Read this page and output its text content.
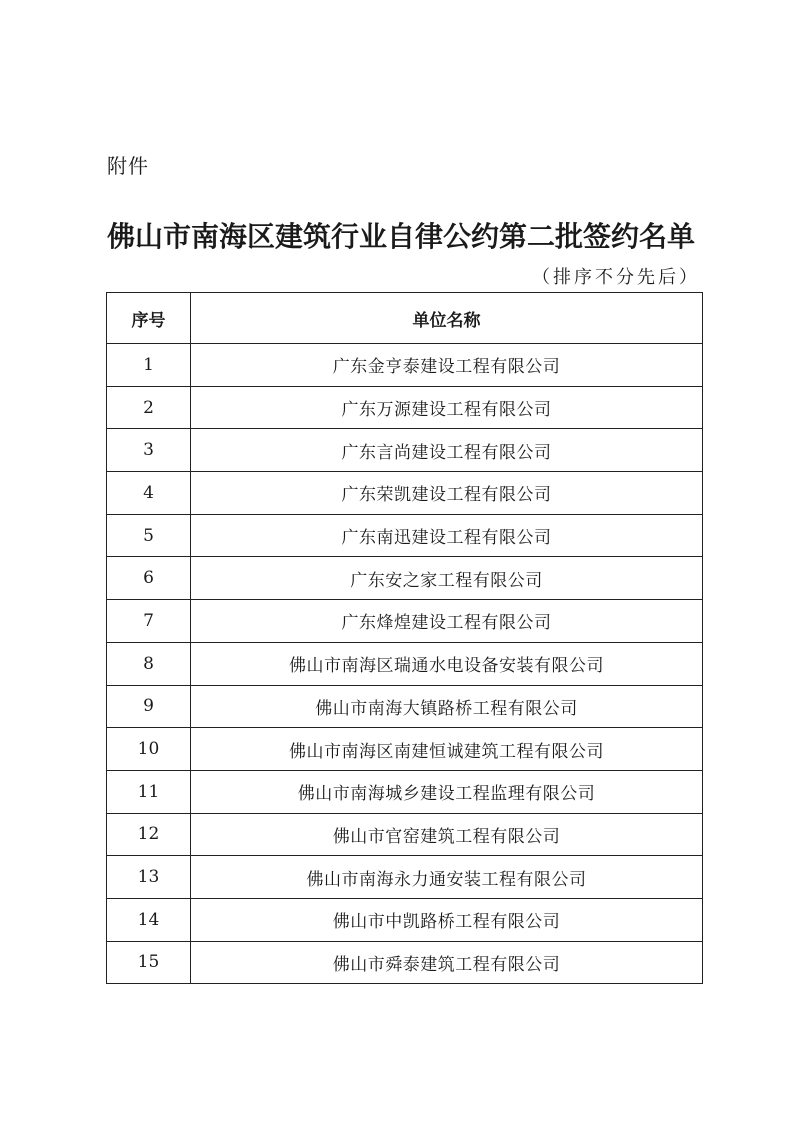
附件
佛山市南海区建筑行业自律公约第二批签约名单
（排序不分先后）
序号	单位名称
1	广东金亨泰建设工程有限公司
2	广东万源建设工程有限公司
3	广东言尚建设工程有限公司
4	广东荣凯建设工程有限公司
5	广东南迅建设工程有限公司
6	广东安之家工程有限公司
7	广东烽煌建设工程有限公司
8	佛山市南海区瑞通水电设备安装有限公司
9	佛山市南海大镇路桥工程有限公司
10	佛山市南海区南建恒诚建筑工程有限公司
11	佛山市南海城乡建设工程监理有限公司
12	佛山市官窑建筑工程有限公司
13	佛山市南海永力通安装工程有限公司
14	佛山市中凯路桥工程有限公司
15	佛山市舜泰建筑工程有限公司
